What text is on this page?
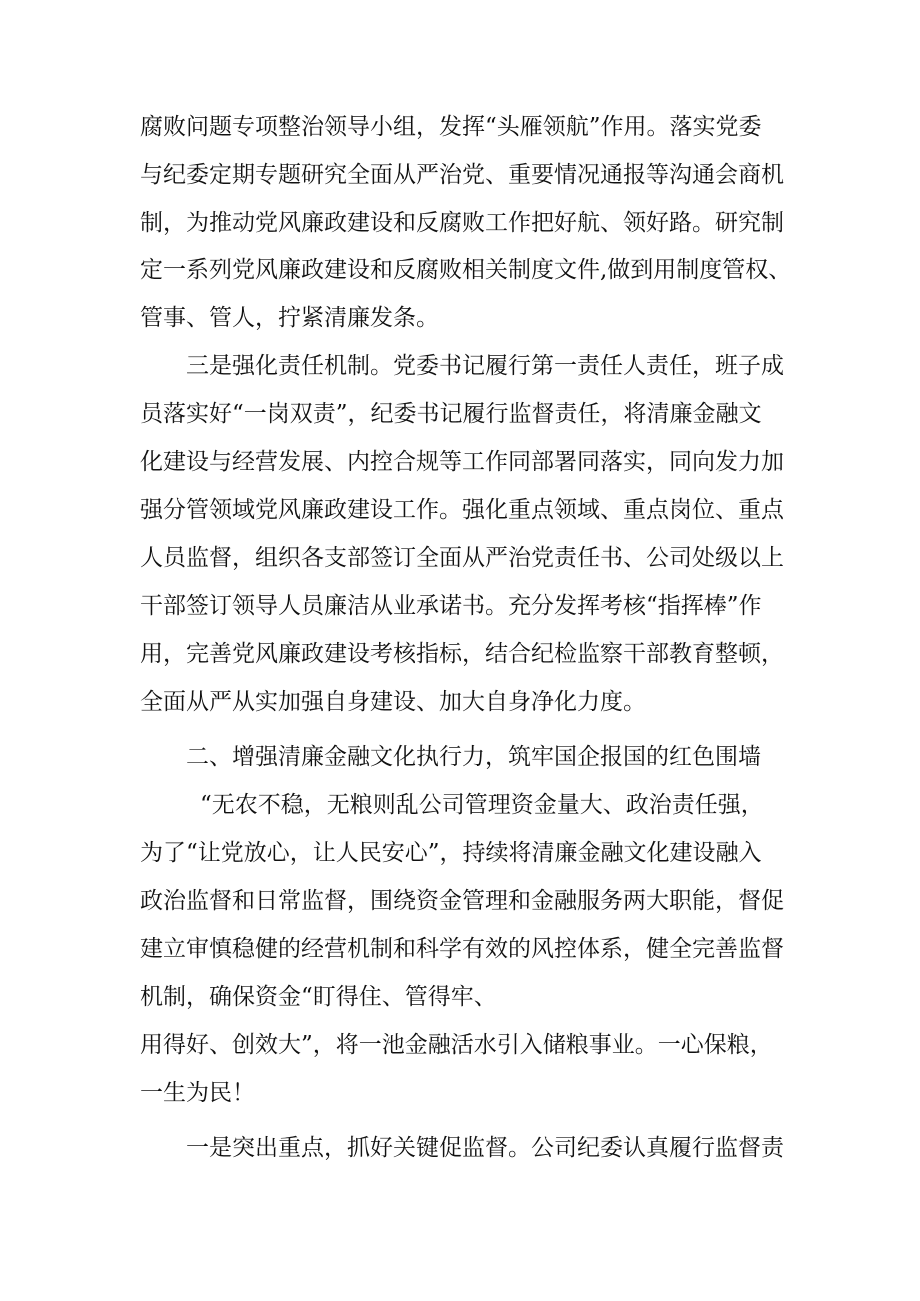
腐败问题专项整治领导小组，发挥“头雁领航”作用。落实党委
与纪委定期专题研究全面从严治党、重要情况通报等沟通会商机
制，为推动党风廉政建设和反腐败工作把好航、领好路。研究制
定一系列党风廉政建设和反腐败相关制度文件,做到用制度管权、
管事、管人，拧紧清廉发条。
三是强化责任机制。党委书记履行第一责任人责任，班子成
员落实好“一岗双责”，纪委书记履行监督责任，将清廉金融文
化建设与经营发展、内控合规等工作同部署同落实，同向发力加
强分管领域党风廉政建设工作。强化重点领域、重点岗位、重点
人员监督，组织各支部签订全面从严治党责任书、公司处级以上
干部签订领导人员廉洁从业承诺书。充分发挥考核“指挥棒”作
用，完善党风廉政建设考核指标，结合纪检监察干部教育整顿，
全面从严从实加强自身建设、加大自身净化力度。
二、增强清廉金融文化执行力，筑牢国企报国的红色围墙
“无农不稳，无粮则乱公司管理资金量大、政治责任强，
为了“让党放心，让人民安心”，持续将清廉金融文化建设融入
政治监督和日常监督，围绕资金管理和金融服务两大职能，督促
建立审慎稳健的经营机制和科学有效的风控体系，健全完善监督
机制，确保资金“盯得住、管得牢、
用得好、创效大”，将一池金融活水引入储粮事业。一心保粮，
一生为民！
一是突出重点，抓好关键促监督。公司纪委认真履行监督责
